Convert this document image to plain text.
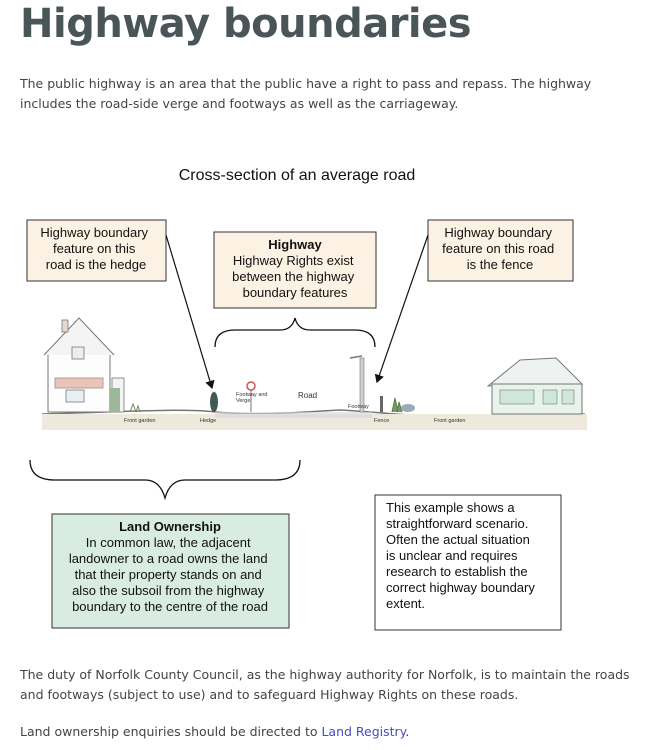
Highway boundaries

The public highway is an area that the public have a right to pass and repass. The highway includes the road-side verge and footways as well as the carriageway.

Cross-section of an average road
Highway boundary feature on this road is the hedge
Highway
Highway Rights exist between the highway boundary features
Highway boundary feature on this road is the fence
Front garden	Hedge
Footway and
Verge
Road
Footway
Fence	Front garden
Land Ownership
In common law, the adjacent landowner to a road owns the land that their property stands on and also the subsoil from the highway boundary to the centre of the road
This example shows a straightforward scenario. Often the actual situation is unclear and requires research to establish the correct highway boundary extent.

The duty of Norfolk County Council, as the highway authority for Norfolk, is to maintain the roads and footways (subject to use) and to safeguard Highway Rights on these roads.

Land ownership enquiries should be directed to Land Registry.
